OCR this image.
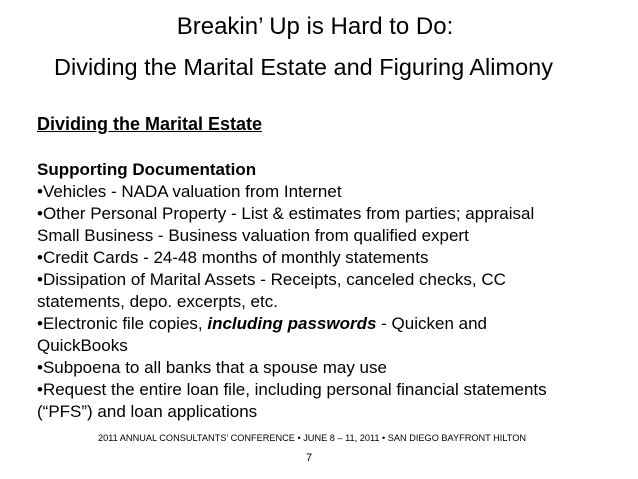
Breakin’ Up is Hard to Do:
Dividing the Marital Estate and Figuring Alimony
Dividing the Marital Estate
Supporting Documentation
•Vehicles - NADA valuation from Internet
•Other Personal Property - List & estimates from parties; appraisal
Small Business - Business valuation from qualified expert
•Credit Cards - 24-48 months of monthly statements
•Dissipation of Marital Assets - Receipts, canceled checks, CC
statements, depo. excerpts, etc.
•Electronic file copies, including passwords - Quicken and
QuickBooks
•Subpoena to all banks that a spouse may use
•Request the entire loan file, including personal financial statements
(“PFS”) and loan applications
2011 ANNUAL CONSULTANTS’ CONFERENCE • JUNE 8 – 11, 2011 • SAN DIEGO BAYFRONT HILTON
7
